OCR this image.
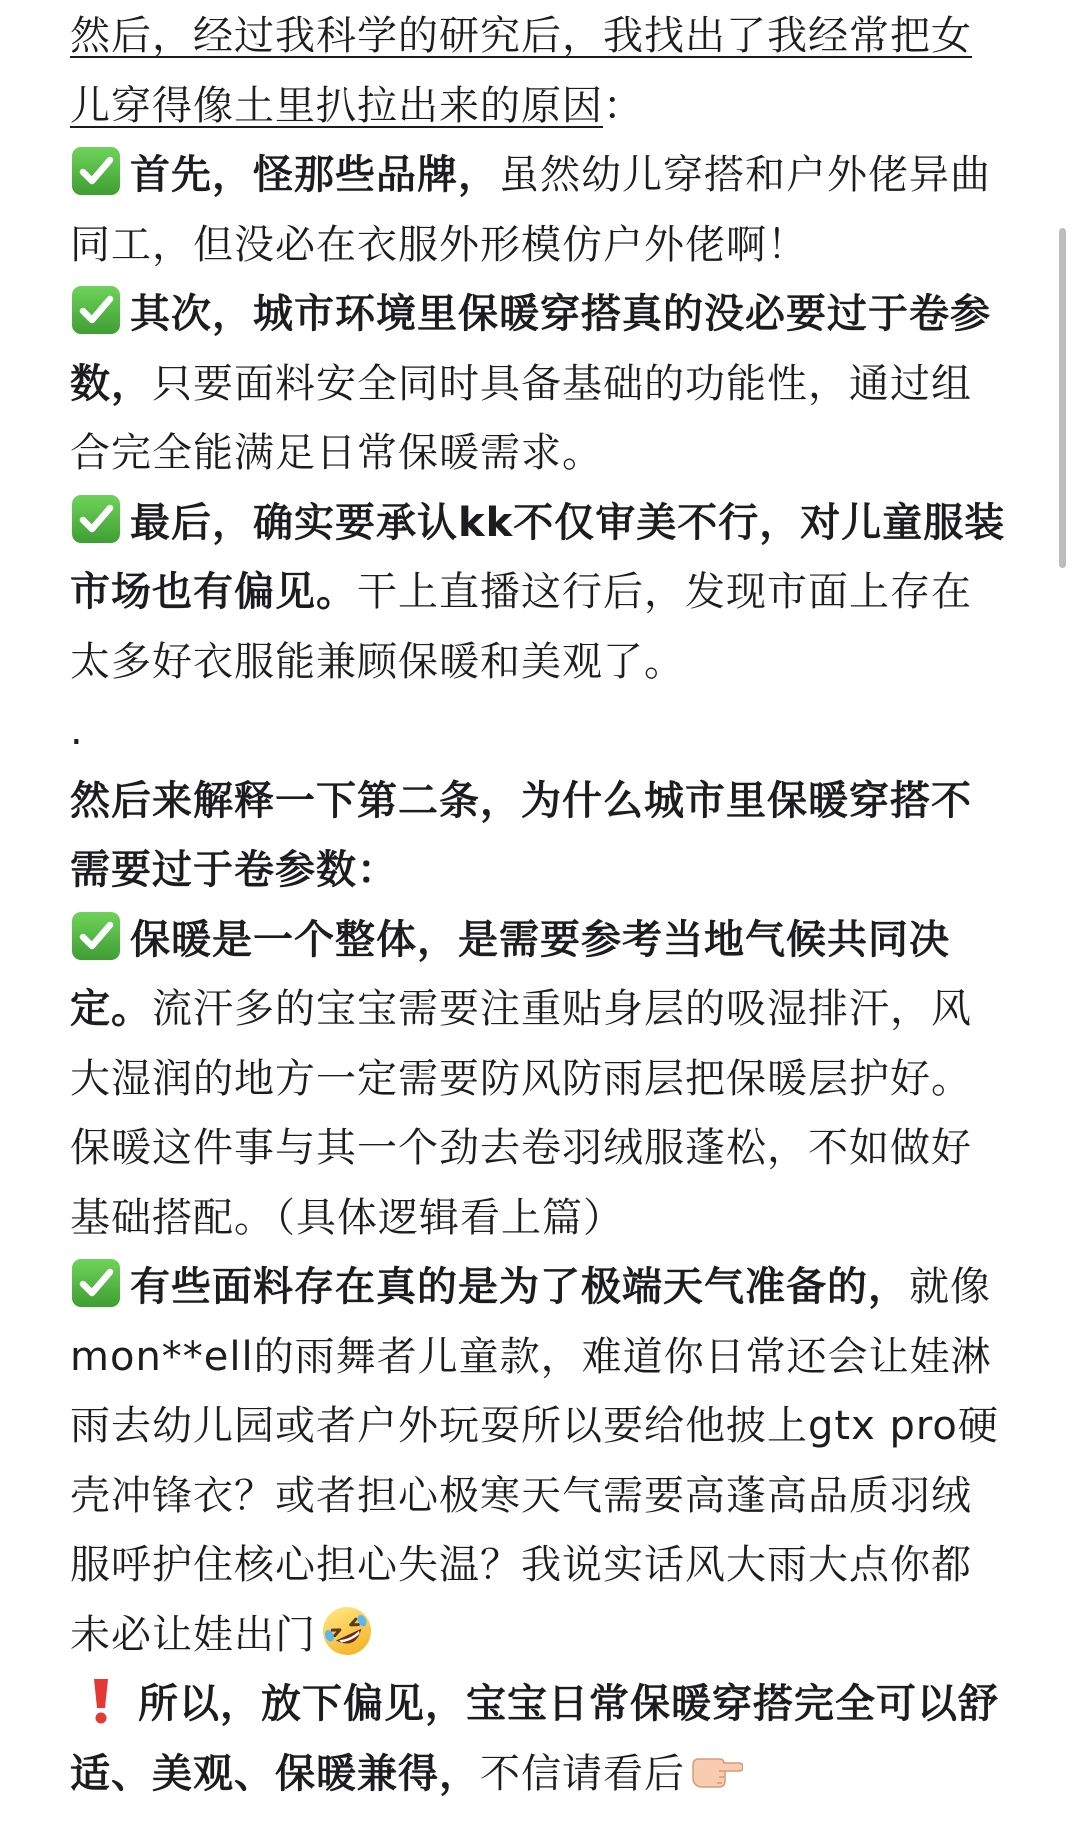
然后，经过我科学的研究后，我找出了我经常把女儿穿得像土里扒拉出来的原因：

首先，怪那些品牌，虽然幼儿穿搭和户外佬异曲同工，但没必在衣服外形模仿户外佬啊！

其次，城市环境里保暖穿搭真的没必要过于卷参数，只要面料安全同时具备基础的功能性，通过组合完全能满足日常保暖需求。

最后，确实要承认kk不仅审美不行，对儿童服装市场也有偏见。干上直播这行后，发现市面上存在太多好衣服能兼顾保暖和美观了。

.

然后来解释一下第二条，为什么城市里保暖穿搭不需要过于卷参数：

保暖是一个整体，是需要参考当地气候共同决定。流汗多的宝宝需要注重贴身层的吸湿排汗，风大湿润的地方一定需要防风防雨层把保暖层护好。保暖这件事与其一个劲去卷羽绒服蓬松，不如做好基础搭配。（具体逻辑看上篇）

有些面料存在真的是为了极端天气准备的，就像mon**ell的雨舞者儿童款，难道你日常还会让娃淋雨去幼儿园或者户外玩耍所以要给他披上gtx pro硬壳冲锋衣？或者担心极寒天气需要高蓬高品质羽绒服呼护住核心担心失温？我说实话风大雨大点你都未必让娃出门

所以，放下偏见，宝宝日常保暖穿搭完全可以舒适、美观、保暖兼得，不信请看后
